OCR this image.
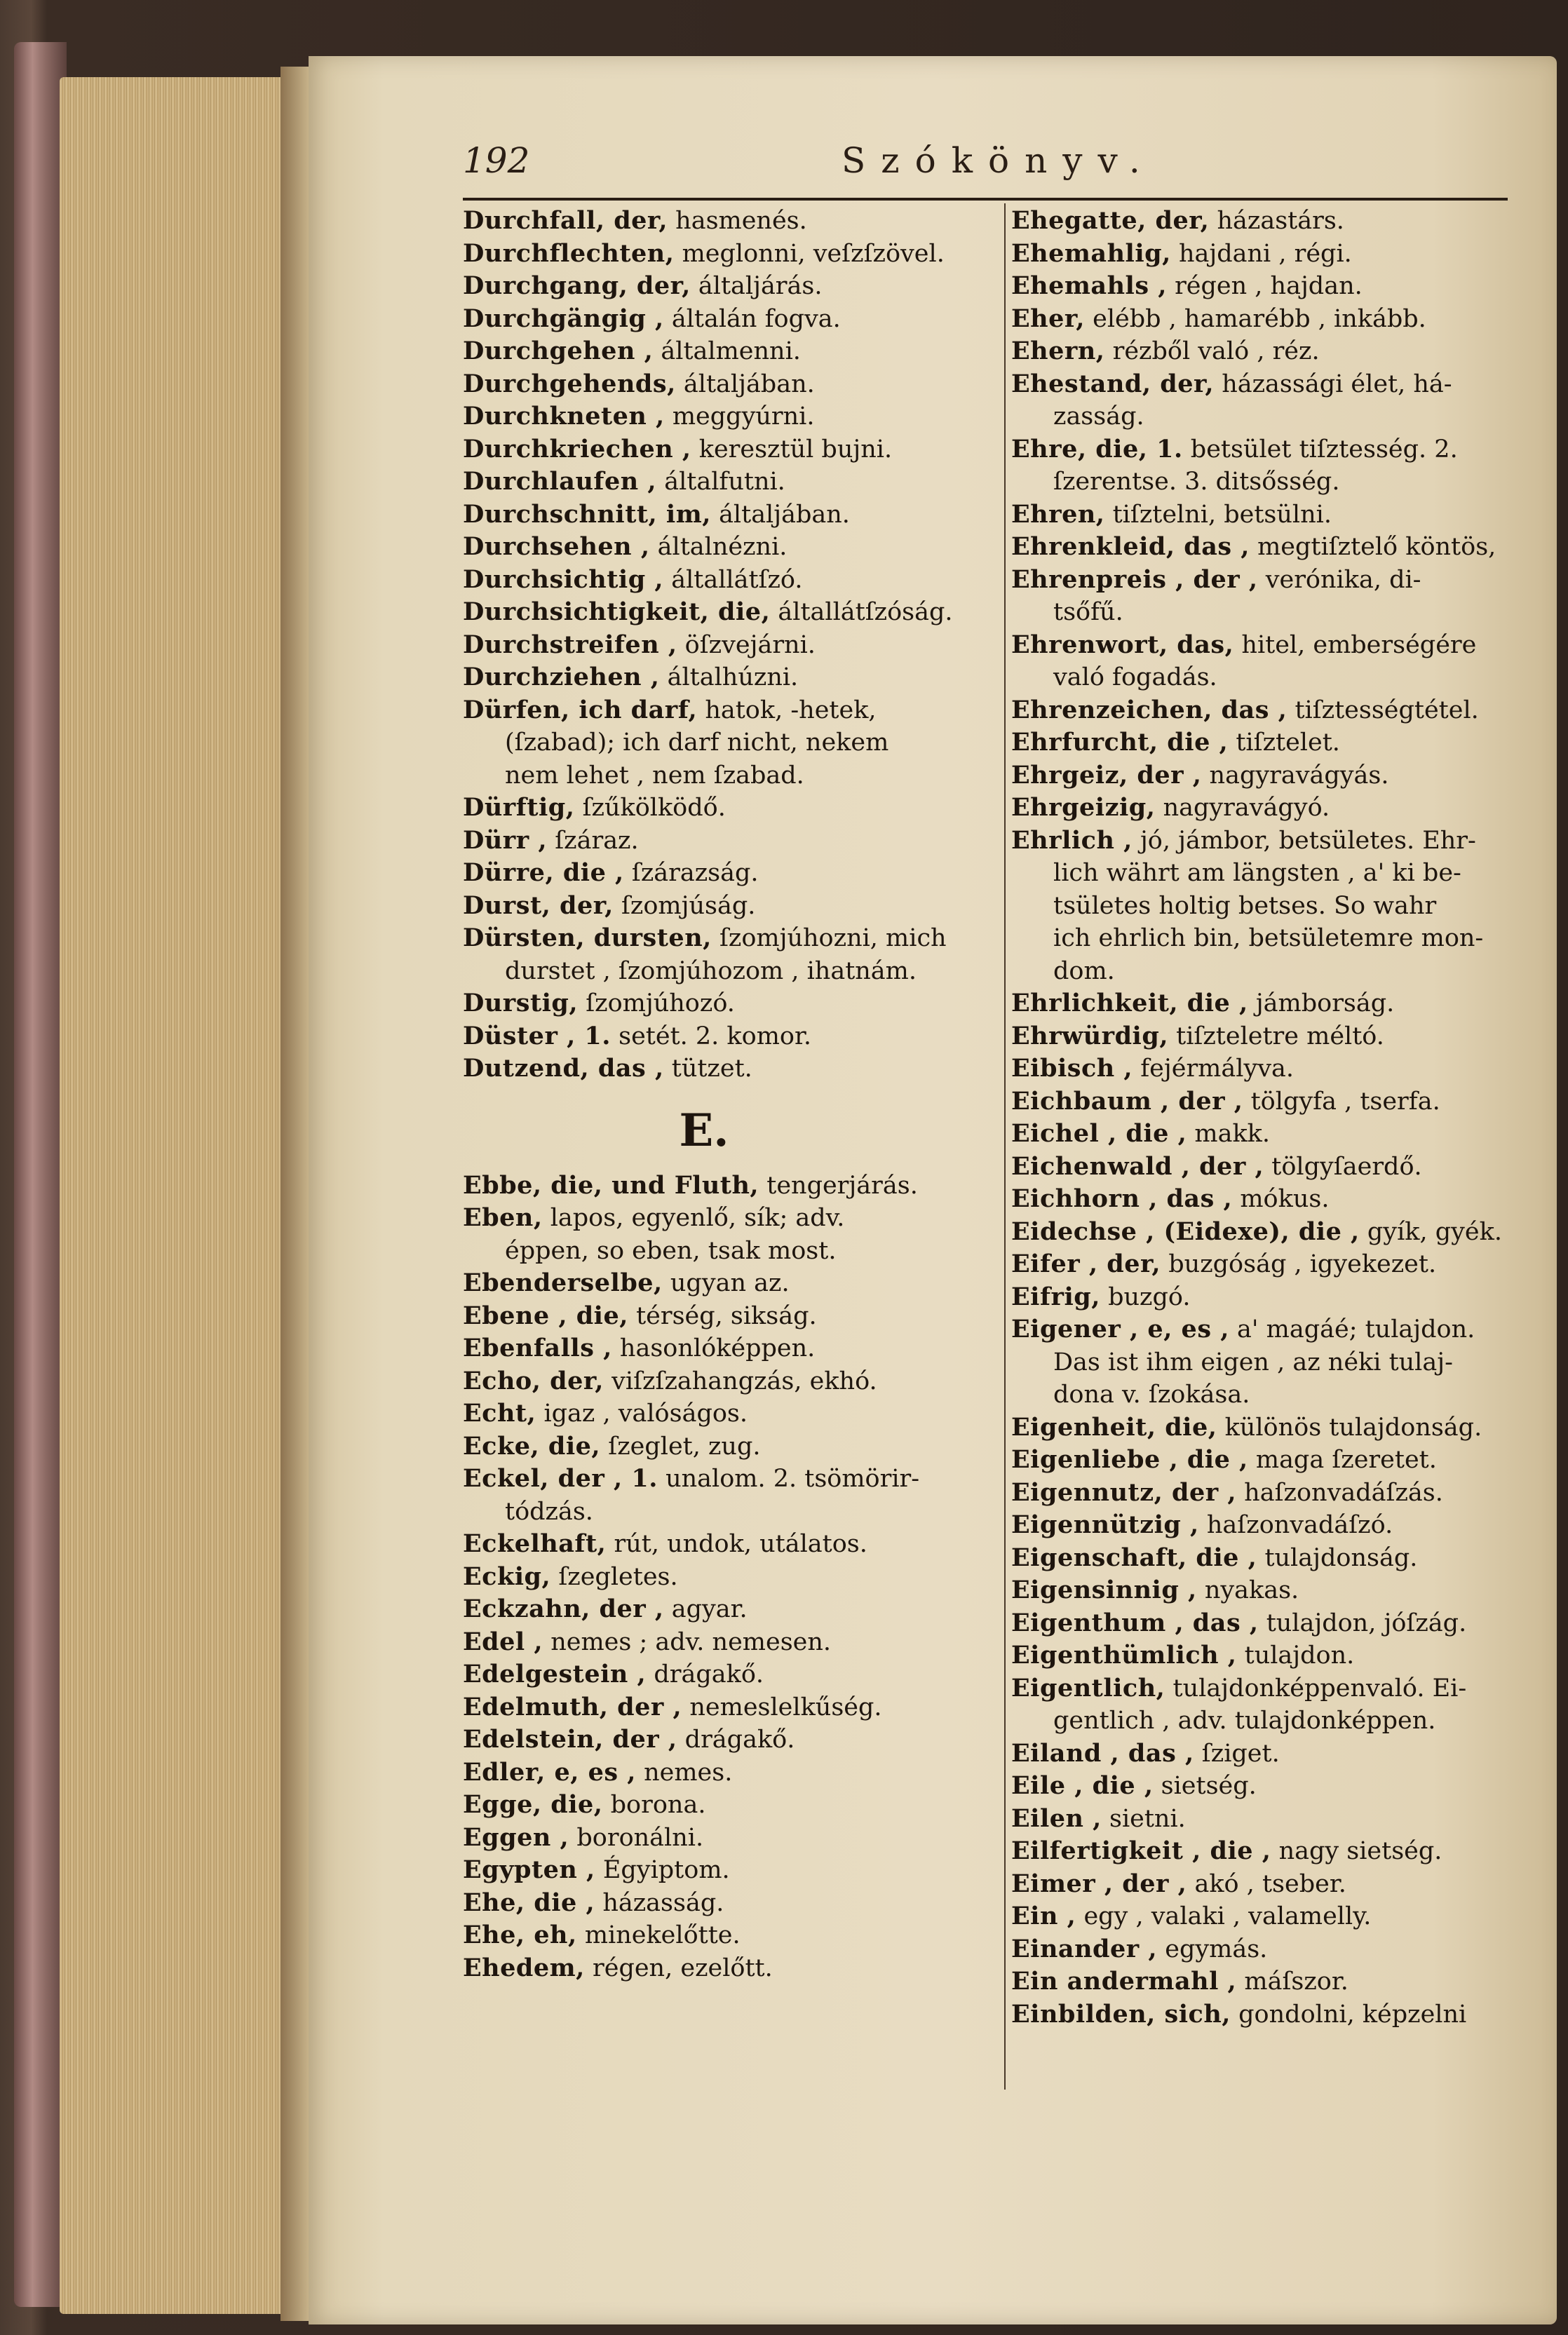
192	Szókönyv.
Durchfall, der, hasmenés.
Durchflechten, meglonni, veſzſzövel.
Durchgang, der, általjárás.
Durchgängig , általán fogva.
Durchgehen , általmenni.
Durchgehends, általjában.
Durchkneten , meggyúrni.
Durchkriechen , keresztül bujni.
Durchlaufen , általfutni.
Durchschnitt, im, általjában.
Durchsehen , általnézni.
Durchsichtig , általlátſzó.
Durchsichtigkeit, die, általlátſzóság.
Durchstreifen , öſzvejárni.
Durchziehen , általhúzni.
Dürfen, ich darf, hatok, -hetek,
(ſzabad); ich darf nicht, nekem
nem lehet , nem ſzabad.
Dürftig, ſzűkölködő.
Dürr , ſzáraz.
Dürre, die , ſzárazság.
Durst, der, ſzomjúság.
Dürsten, dursten, ſzomjúhozni, mich
durstet , ſzomjúhozom , ihatnám.
Durstig, ſzomjúhozó.
Düster , 1. setét. 2. komor.
Dutzend, das , tützet.
E.
Ebbe, die, und Fluth, tengerjárás.
Eben, lapos, egyenlő, sík; adv.
éppen, so eben, tsak most.
Ebenderselbe, ugyan az.
Ebene , die, térség, sikság.
Ebenfalls , hasonlóképpen.
Echo, der, viſzſzahangzás, ekhó.
Echt, igaz , valóságos.
Ecke, die, ſzeglet, zug.
Eckel, der , 1. unalom. 2. tsömörir-
tódzás.
Eckelhaft, rút, undok, utálatos.
Eckig, ſzegletes.
Eckzahn, der , agyar.
Edel , nemes ; adv. nemesen.
Edelgestein , drágakő.
Edelmuth, der , nemeslelkűség.
Edelstein, der , drágakő.
Edler, e, es , nemes.
Egge, die, borona.
Eggen , boronálni.
Egypten , Égyiptom.
Ehe, die , házasság.
Ehe, eh, minekelőtte.
Ehedem, régen, ezelőtt.
Ehegatte, der, házastárs.
Ehemahlig, hajdani , régi.
Ehemahls , régen , hajdan.
Eher, elébb , hamarébb , inkább.
Ehern, rézből való , réz.
Ehestand, der, házassági élet, há-
zasság.
Ehre, die, 1. betsület tiſztesség. 2.
ſzerentse. 3. ditsősség.
Ehren, tiſztelni, betsülni.
Ehrenkleid, das , megtiſztelő köntös,
Ehrenpreis , der , verónika, di-
tsőfű.
Ehrenwort, das, hitel, emberségére
való fogadás.
Ehrenzeichen, das , tiſztességtétel.
Ehrfurcht, die , tiſztelet.
Ehrgeiz, der , nagyravágyás.
Ehrgeizig, nagyravágyó.
Ehrlich , jó, jámbor, betsületes. Ehr-
lich währt am längsten , a' ki be-
tsületes holtig betses. So wahr
ich ehrlich bin, betsületemre mon-
dom.
Ehrlichkeit, die , jámborság.
Ehrwürdig, tiſzteletre méltó.
Eibisch , fejérmályva.
Eichbaum , der , tölgyfa , tserfa.
Eichel , die , makk.
Eichenwald , der , tölgyſaerdő.
Eichhorn , das , mókus.
Eidechse , (Eidexe), die , gyík, gyék.
Eifer , der, buzgóság , igyekezet.
Eifrig, buzgó.
Eigener , e, es , a' magáé; tulajdon.
Das ist ihm eigen , az néki tulaj-
dona v. ſzokása.
Eigenheit, die, különös tulajdonság.
Eigenliebe , die , maga ſzeretet.
Eigennutz, der , haſzonvadáſzás.
Eigennützig , haſzonvadáſzó.
Eigenschaft, die , tulajdonság.
Eigensinnig , nyakas.
Eigenthum , das , tulajdon, jóſzág.
Eigenthümlich , tulajdon.
Eigentlich, tulajdonképpenvaló. Ei-
gentlich , adv. tulajdonképpen.
Eiland , das , ſziget.
Eile , die , sietség.
Eilen , sietni.
Eilfertigkeit , die , nagy sietség.
Eimer , der , akó , tseber.
Ein , egy , valaki , valamelly.
Einander , egymás.
Ein andermahl , máſszor.
Einbilden, sich, gondolni, képzelni
